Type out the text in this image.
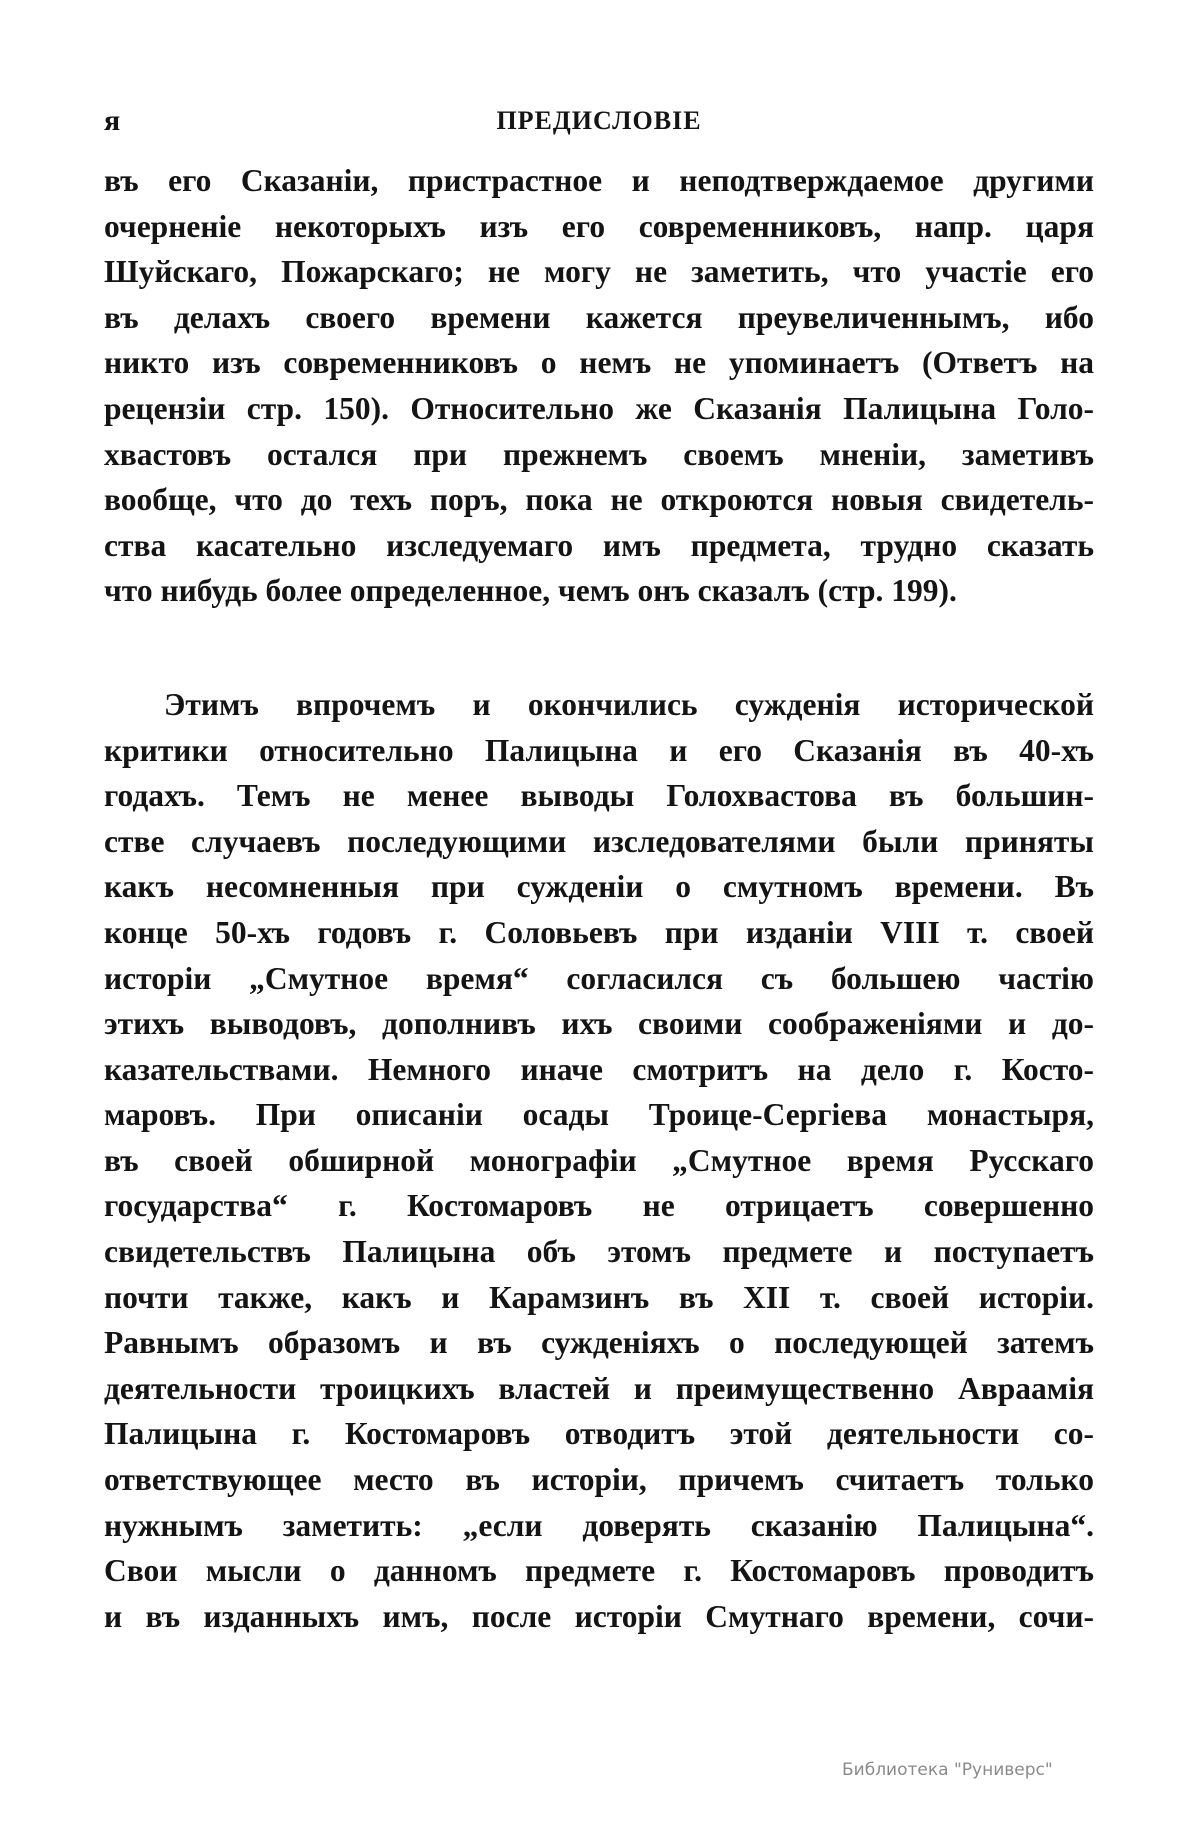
я	ПРЕДИСЛОВІЕ
въ его Сказаніи, пристрастное и неподтверждаемое другими
очерненіе некоторыхъ изъ его современниковъ, напр. царя
Шуйскаго, Пожарскаго; не могу не заметить, что участіе его
въ делахъ своего времени кажется преувеличеннымъ, ибо
никто изъ современниковъ о немъ не упоминаетъ (Ответъ на
рецензіи стр. 150). Относительно же Сказанія Палицына Голо-
хвастовъ остался при прежнемъ своемъ мненіи, заметивъ
вообще, что до техъ поръ, пока не откроются новыя свидетель-
ства касательно изследуемаго имъ предмета, трудно сказать
что нибудь более определенное, чемъ онъ сказалъ (стр. 199).
Этимъ впрочемъ и окончились сужденія исторической
критики относительно Палицына и его Сказанія въ 40-хъ
годахъ. Темъ не менее выводы Голохвастова въ большин-
стве случаевъ последующими изследователями были приняты
какъ несомненныя при сужденіи о смутномъ времени. Въ
конце 50-хъ годовъ г. Соловьевъ при изданіи VIII т. своей
исторіи „Смутное время“ согласился съ большею частію
этихъ выводовъ, дополнивъ ихъ своими соображеніями и до-
казательствами. Немного иначе смотритъ на дело г. Косто-
маровъ. При описаніи осады Троице-Сергіева монастыря,
въ своей обширной монографіи „Смутное время Русскаго
государства“ г. Костомаровъ не отрицаетъ совершенно
свидетельствъ Палицына объ этомъ предмете и поступаетъ
почти также, какъ и Карамзинъ въ XII т. своей исторіи.
Равнымъ образомъ и въ сужденіяхъ о последующей затемъ
деятельности троицкихъ властей и преимущественно Авраамія
Палицына г. Костомаровъ отводитъ этой деятельности со-
ответствующее место въ исторіи, причемъ считаетъ только
нужнымъ заметить: „если доверять сказанію Палицына“.
Свои мысли о данномъ предмете г. Костомаровъ проводитъ
и въ изданныхъ имъ, после исторіи Смутнаго времени, сочи-
Библиотека "Руниверс"
